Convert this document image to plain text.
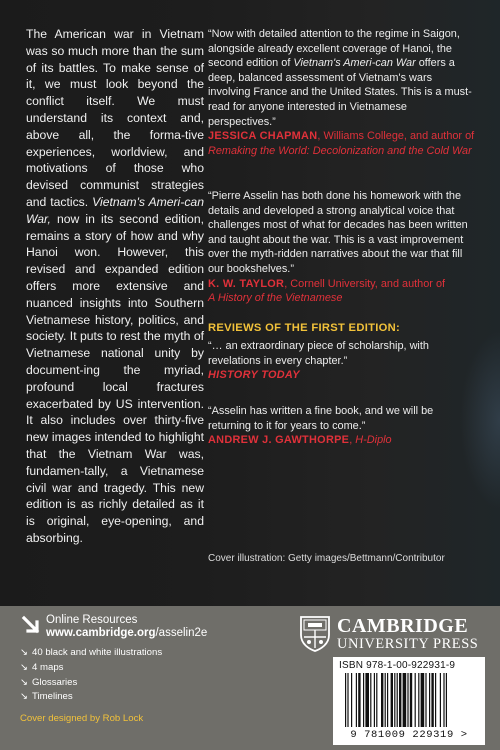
The American war in Vietnam was so much more than the sum of its battles. To make sense of it, we must look beyond the conflict itself. We must understand its context and, above all, the forma-tive experiences, worldview, and motivations of those who devised communist strategies and tactics. Vietnam's Ameri-can War, now in its second edition, remains a story of how and why Hanoi won. However, this revised and expanded edition offers more extensive and nuanced insights into Southern Vietnamese history, politics, and society. It puts to rest the myth of Vietnamese national unity by document-ing the myriad, profound local fractures exacerbated by US intervention. It also includes over thirty-five new images intended to highlight that the Vietnam War was, fundamen-tally, a Vietnamese civil war and tragedy. This new edition is as richly detailed as it is original, eye-opening, and absorbing.
“Now with detailed attention to the regime in Saigon, alongside already excellent coverage of Hanoi, the second edition of Vietnam's Ameri-can War offers a deep, balanced assessment of Vietnam's wars involving France and the United States. This is a must-read for anyone interested in Vietnamese perspectives.”
JESSICA CHAPMAN, Williams College, and author of Remaking the World: Decolonization and the Cold War
“Pierre Asselin has both done his homework with the details and developed a strong analytical voice that challenges most of what for decades has been written and taught about the war. This is a vast improvement over the myth-ridden narratives about the war that fill our bookshelves.”
K. W. TAYLOR, Cornell University, and author of
A History of the Vietnamese
REVIEWS OF THE FIRST EDITION:
“… an extraordinary piece of scholarship, with revelations in every chapter.”
HISTORY TODAY
“Asselin has written a fine book, and we will be returning to it for years to come.”
ANDREW J. GAWTHORPE, H-Diplo
Cover illustration: Getty images/Bettmann/Contributor
Online Resources
www.cambridge.org/asselin2e
↘ 40 black and white illustrations
↘ 4 maps
↘ Glossaries
↘ Timelines
Cover designed by Rob Lock
CAMBRIDGE
UNIVERSITY PRESS
ISBN 978-1-00-922931-9
9 781009 229319 >
